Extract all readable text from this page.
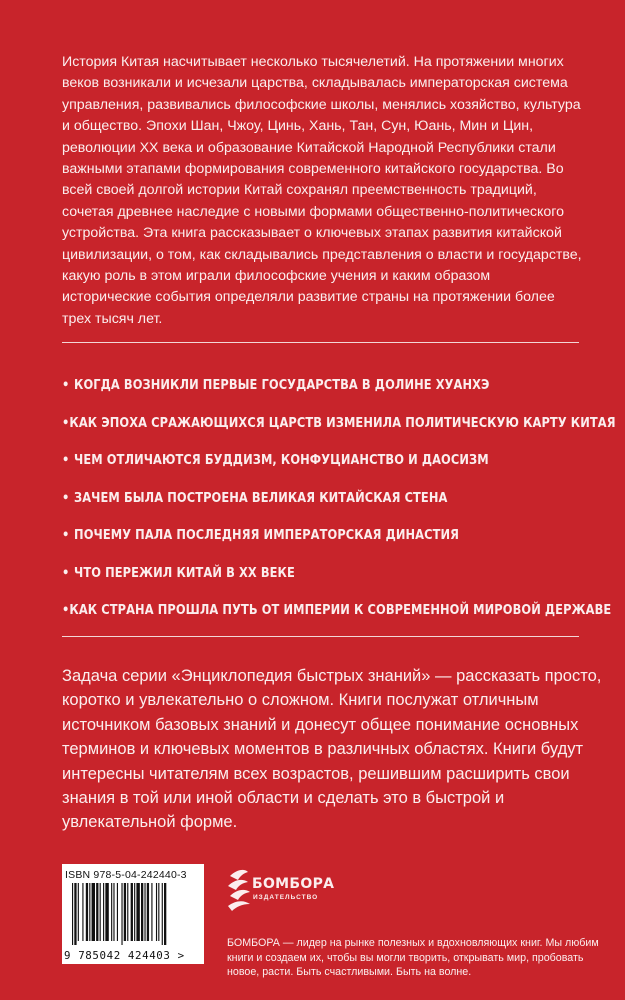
История Китая насчитывает несколько тысячелетий. На протяжении многих веков возникали и исчезали царства, складывалась императорская система управления, развивались философские школы, менялись хозяйство, культура и общество. Эпохи Шан, Чжоу, Цинь, Хань, Тан, Сун, Юань, Мин и Цин, революции XX века и образование Китайской Народной Республики стали важными этапами формирования современного китайского государства. Во всей своей долгой истории Китай сохранял преемственность традиций, сочетая древнее наследие с новыми формами общественно-политического устройства. Эта книга рассказывает о ключевых этапах развития китайской цивилизации, о том, как складывались представления о власти и государстве, какую роль в этом играли философские учения и каким образом исторические события определяли развитие страны на протяжении более трех тысяч лет.

• КОГДА ВОЗНИКЛИ ПЕРВЫЕ ГОСУДАРСТВА В ДОЛИНЕ ХУАНХЭ
• КАК ЭПОХА СРАЖАЮЩИХСЯ ЦАРСТВ ИЗМЕНИЛА ПОЛИТИЧЕСКУЮ КАРТУ КИТАЯ
• ЧЕМ ОТЛИЧАЮТСЯ БУДДИЗМ, КОНФУЦИАНСТВО И ДАОСИЗМ
• ЗАЧЕМ БЫЛА ПОСТРОЕНА ВЕЛИКАЯ КИТАЙСКАЯ СТЕНА
• ПОЧЕМУ ПАЛА ПОСЛЕДНЯЯ ИМПЕРАТОРСКАЯ ДИНАСТИЯ
• ЧТО ПЕРЕЖИЛ КИТАЙ В XX ВЕКЕ
• КАК СТРАНА ПРОШЛА ПУТЬ ОТ ИМПЕРИИ К СОВРЕМЕННОЙ МИРОВОЙ ДЕРЖАВЕ

Задача серии «Энциклопедия быстрых знаний» — рассказать просто, коротко и увлекательно о сложном. Книги послужат отличным источником базовых знаний и донесут общее понимание основных терминов и ключевых моментов в различных областях. Книги будут интересны читателям всех возрастов, решившим расширить свои знания в той или иной области и сделать это в быстрой и увлекательной форме.

ISBN 978-5-04-242440-3
9 785042 424403 >
БОМБОРА
ИЗДАТЕЛЬСТВО

БОМБОРА — лидер на рынке полезных и вдохновляющих книг. Мы любим книги и создаем их, чтобы вы могли творить, открывать мир, пробовать новое, расти. Быть счастливыми. Быть на волне.
